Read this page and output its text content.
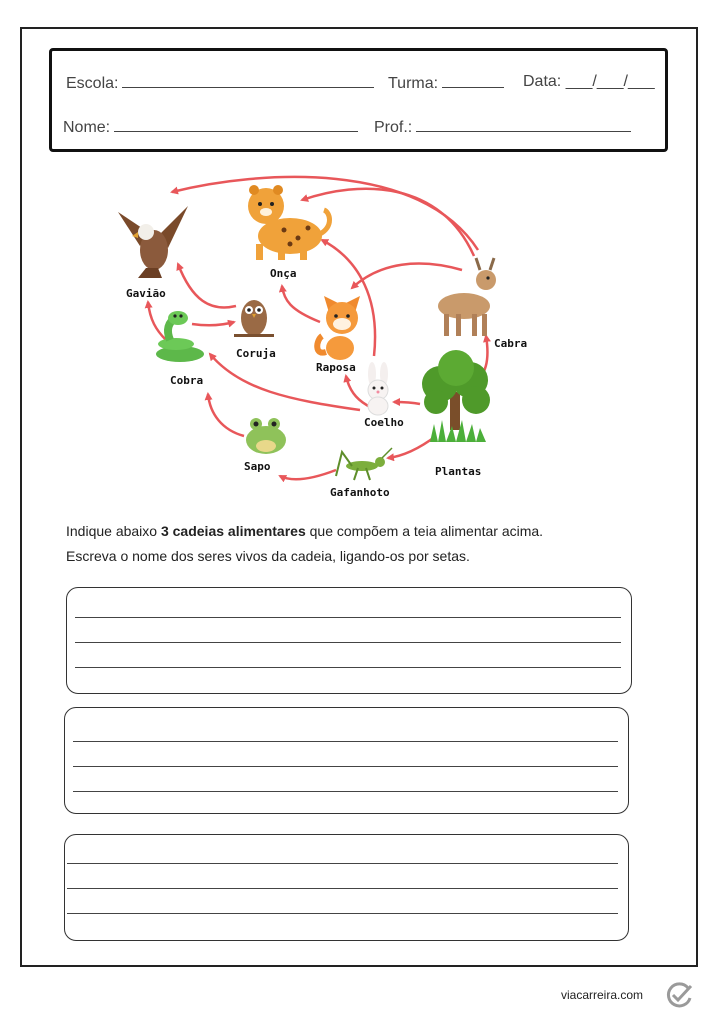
Escola:	Turma:	Data: ___/___/___
Nome:	Prof.:
Gavião
Onça
Coruja
Cobra
Raposa
Cabra
Coelho
Plantas
Sapo
Gafanhoto
Indique abaixo 3 cadeias alimentares que compõem a teia alimentar acima.
Escreva o nome dos seres vivos da cadeia, ligando-os por setas.
viacarreira.com
